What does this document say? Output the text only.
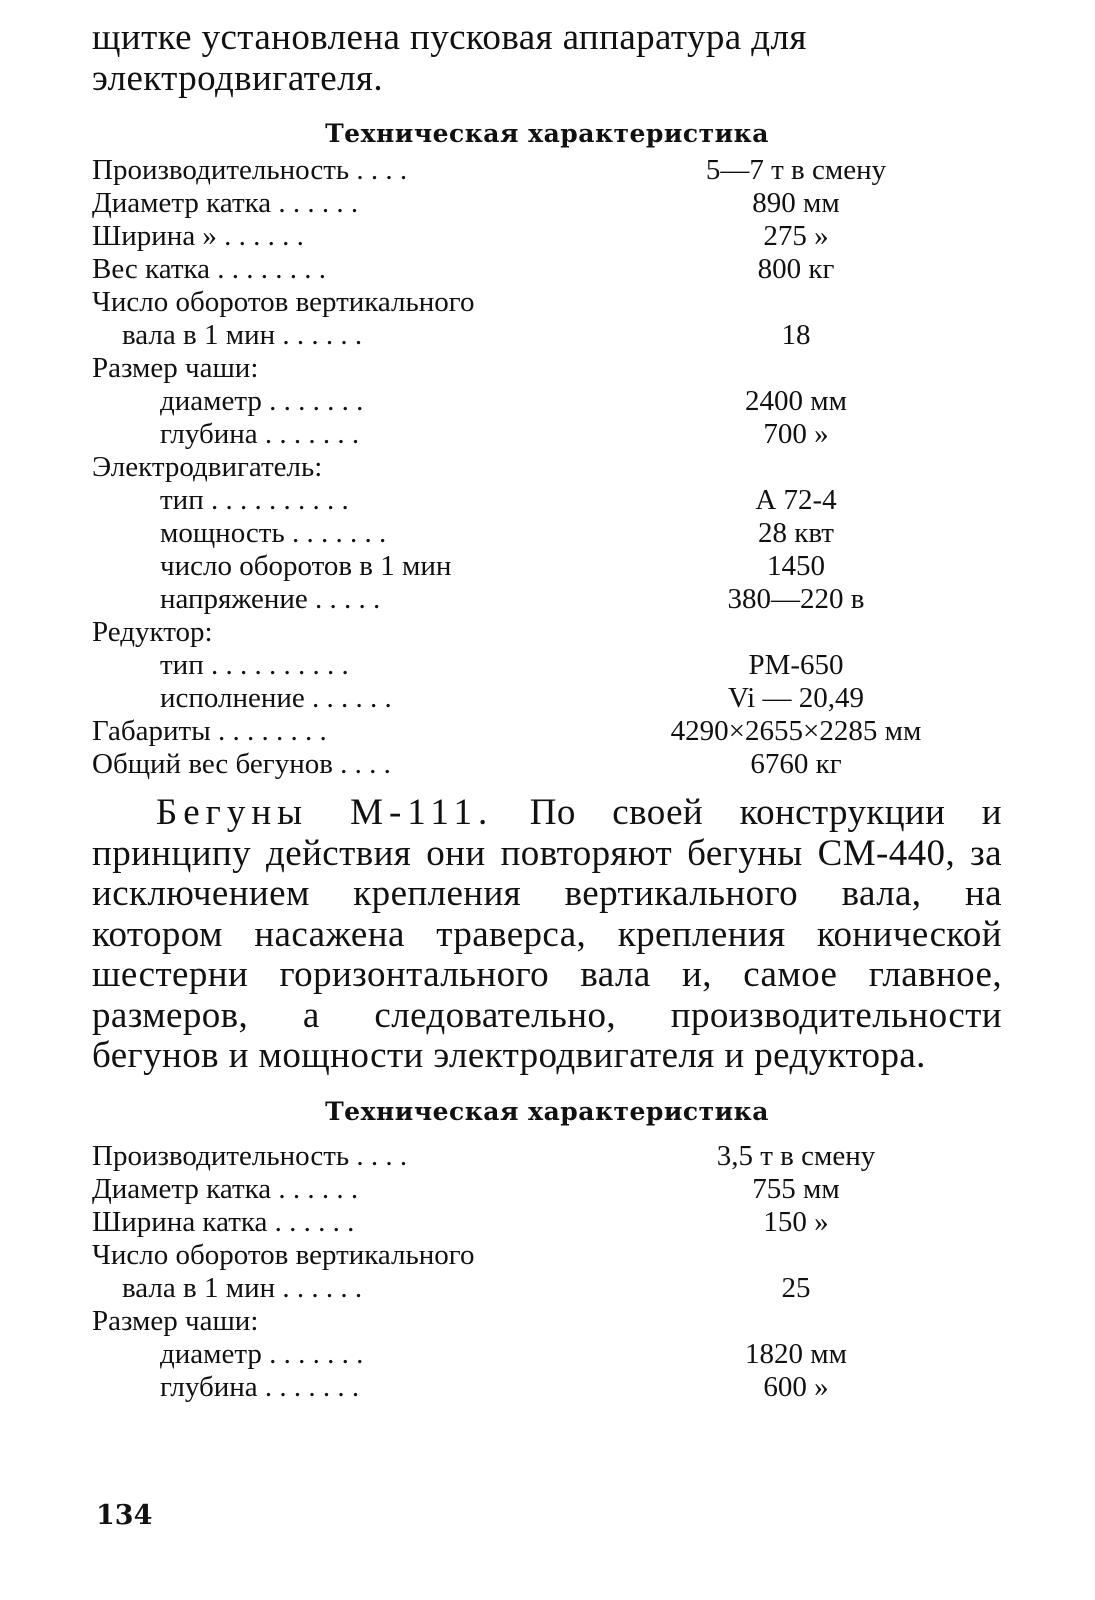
щитке установлена пусковая аппаратура для электродвигателя.

Техническая характеристика

Производительность . . . .	5—7 т в смену
Диаметр катка . . . . . .	890 мм
Ширина » . . . . . .	275 »
Вес катка . . . . . . . .	800 кг
Число оборотов вертикального	
вала в 1 мин . . . . . .	18
Размер чаши:	
диаметр . . . . . . .	2400 мм
глубина . . . . . . .	700 »
Электродвигатель:	
тип . . . . . . . . . .	А 72-4
мощность . . . . . . .	28 квт
число оборотов в 1 мин	1450
напряжение . . . . .	380—220 в
Редуктор:	
тип . . . . . . . . . .	РМ-650
исполнение . . . . . .	Vi — 20,49
Габариты . . . . . . . .	4290×2655×2285 мм
Общий вес бегунов . . . .	6760 кг

Бегуны М-111. По своей конструкции и принципу действия они повторяют бегуны СМ-440, за исключением крепления вертикального вала, на котором насажена траверса, крепления конической шестерни горизонтального вала и, самое главное, размеров, а следовательно, производительности бегунов и мощности электродвигателя и редуктора.

Техническая характеристика

Производительность . . . .	3,5 т в смену
Диаметр катка . . . . . .	755 мм
Ширина катка . . . . . .	150 »
Число оборотов вертикального	
вала в 1 мин . . . . . .	25
Размер чаши:	
диаметр . . . . . . .	1820 мм
глубина . . . . . . .	600 »
134
